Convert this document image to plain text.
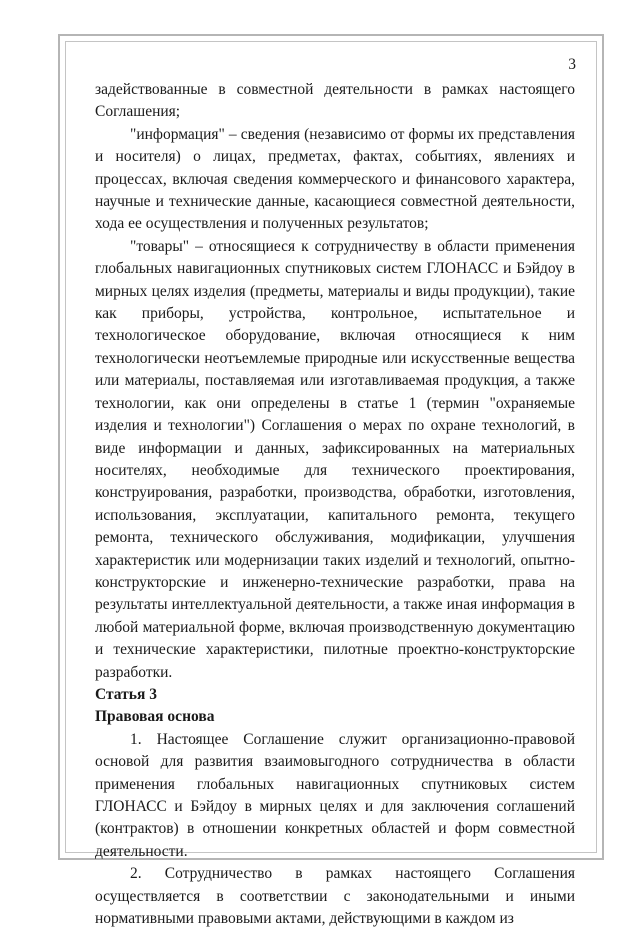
3

задействованные в совместной деятельности в рамках настоящего Соглашения;

"информация" – сведения (независимо от формы их представления и носителя) о лицах, предметах, фактах, событиях, явлениях и процессах, включая сведения коммерческого и финансового характера, научные и технические данные, касающиеся совместной деятельности, хода ее осуществления и полученных результатов;

"товары" – относящиеся к сотрудничеству в области применения глобальных навигационных спутниковых систем ГЛОНАСС и Бэйдоу в мирных целях изделия (предметы, материалы и виды продукции), такие как приборы, устройства, контрольное, испытательное и технологическое оборудование, включая относящиеся к ним технологически неотъемлемые природные или искусственные вещества или материалы, поставляемая или изготавливаемая продукция, а также технологии, как они определены в статье 1 (термин "охраняемые изделия и технологии") Соглашения о мерах по охране технологий, в виде информации и данных, зафиксированных на материальных носителях, необходимые для технического проектирования, конструирования, разработки, производства, обработки, изготовления, использования, эксплуатации, капитального ремонта, текущего ремонта, технического обслуживания, модификации, улучшения характеристик или модернизации таких изделий и технологий, опытно-конструкторские и инженерно-технические разработки, права на результаты интеллектуальной деятельности, а также иная информация в любой материальной форме, включая производственную документацию и технические характеристики, пилотные проектно-конструкторские разработки.

Статья 3

Правовая основа

1. Настоящее Соглашение служит организационно-правовой основой для развития взаимовыгодного сотрудничества в области применения глобальных навигационных спутниковых систем ГЛОНАСС и Бэйдоу в мирных целях и для заключения соглашений (контрактов) в отношении конкретных областей и форм совместной деятельности.

2. Сотрудничество в рамках настоящего Соглашения осуществляется в соответствии с законодательными и иными нормативными правовыми актами, действующими в каждом из
